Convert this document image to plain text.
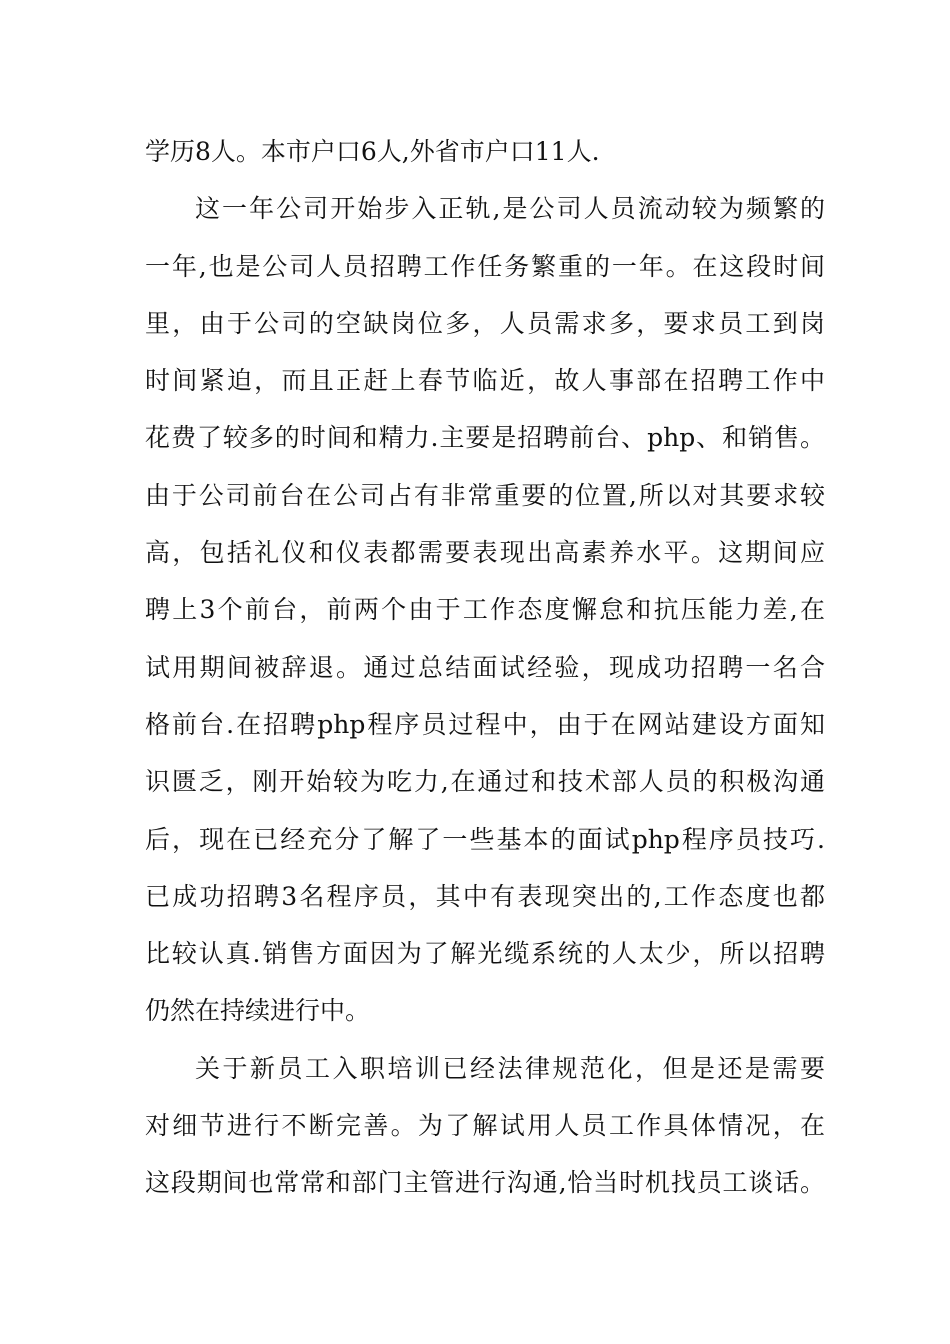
学历8人。本市户口6人,外省市户口11人.
这一年公司开始步入正轨,是公司人员流动较为频繁的
一年,也是公司人员招聘工作任务繁重的一年。在这段时间
里，由于公司的空缺岗位多，人员需求多，要求员工到岗
时间紧迫，而且正赶上春节临近，故人事部在招聘工作中
花费了较多的时间和精力.主要是招聘前台、php、和销售。
由于公司前台在公司占有非常重要的位置,所以对其要求较
高，包括礼仪和仪表都需要表现出高素养水平。这期间应
聘上3个前台，前两个由于工作态度懈怠和抗压能力差,在
试用期间被辞退。通过总结面试经验，现成功招聘一名合
格前台.在招聘php程序员过程中，由于在网站建设方面知
识匮乏，刚开始较为吃力,在通过和技术部人员的积极沟通
后，现在已经充分了解了一些基本的面试php程序员技巧.
已成功招聘3名程序员，其中有表现突出的,工作态度也都
比较认真.销售方面因为了解光缆系统的人太少，所以招聘
仍然在持续进行中。
关于新员工入职培训已经法律规范化，但是还是需要
对细节进行不断完善。为了解试用人员工作具体情况，在
这段期间也常常和部门主管进行沟通,恰当时机找员工谈话。
